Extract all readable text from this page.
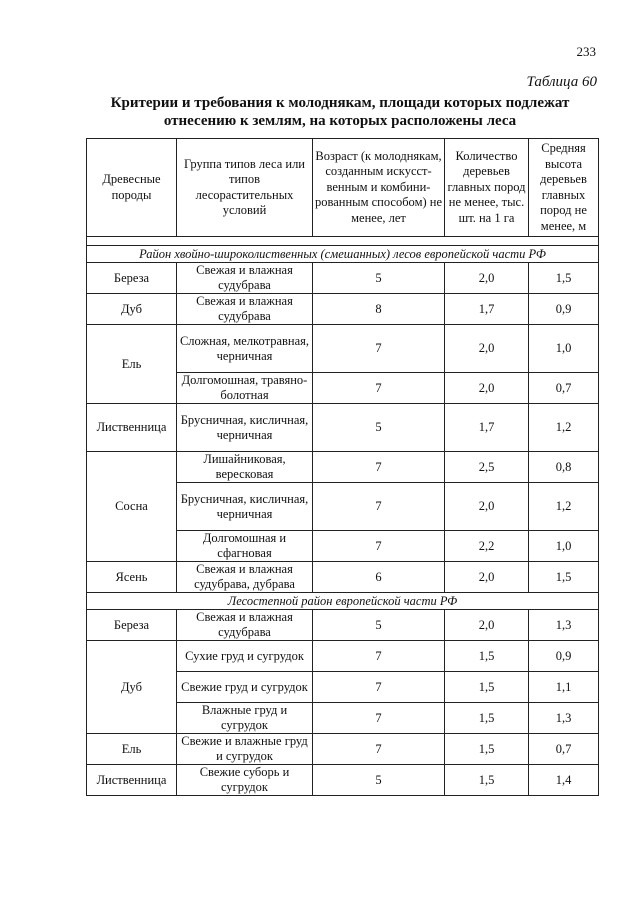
233
Таблица 60
Критерии и требования к молоднякам, площади которых подлежат
отнесению к землям, на которых расположены леса
Древесные породы	Группа типов леса или типов лесорастительных условий	Возраст (к молоднякам, созданным искусст-венным и комбини-рованным способом) не менее, лет	Количество деревьев главных пород не менее, тыс. шт. на 1 га	Средняя высота деревьев главных пород не менее, м

Район хвойно-широколиственных (смешанных) лесов европейской части РФ				
Береза	Свежая и влажная судубрава	5	2,0	1,5
Дуб	Свежая и влажная судубрава	8	1,7	0,9
Ель	Сложная, мелкотравная, черничная	7	2,0	1,0
	Долгомошная, травяно-болотная	7	2,0	0,7
Лиственница	Брусничная, кисличная, черничная	5	1,7	1,2
Сосна	Лишайниковая, вересковая	7	2,5	0,8
	Брусничная, кисличная, черничная	7	2,0	1,2
	Долгомошная и сфагновая	7	2,2	1,0
Ясень	Свежая и влажная судубрава, дубрава	6	2,0	1,5
Лесостепной район европейской части РФ				
Береза	Свежая и влажная судубрава	5	2,0	1,3
Дуб	Сухие груд и сугрудок	7	1,5	0,9
	Свежие груд и сугрудок	7	1,5	1,1
	Влажные груд и сугрудок	7	1,5	1,3
Ель	Свежие и влажные груд и сугрудок	7	1,5	0,7
Лиственница	Свежие суборь и сугрудок	5	1,5	1,4
